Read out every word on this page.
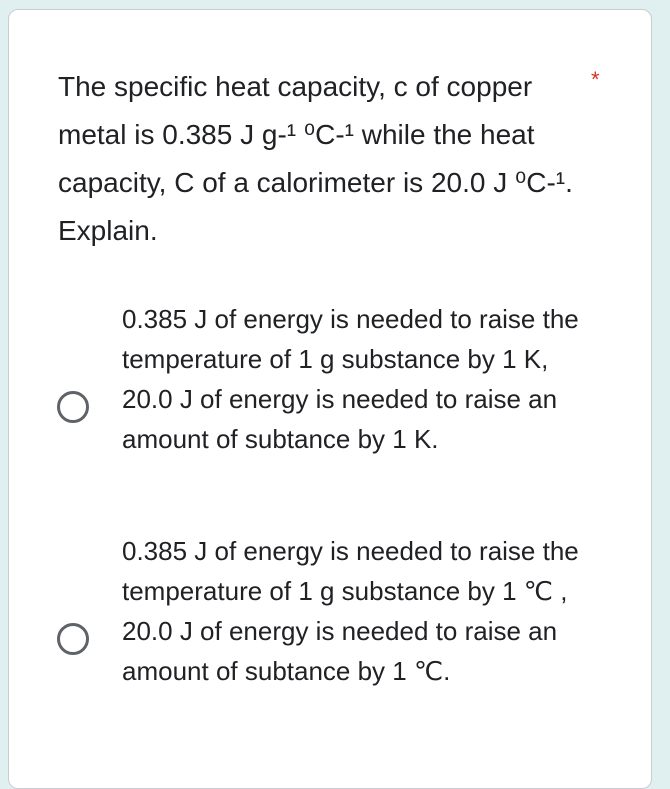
The specific heat capacity, c of copper metal is 0.385 J g-¹ ⁰C-¹ while the heat capacity, C of a calorimeter is 20.0 J ⁰C-¹. Explain.
*
0.385 J of energy is needed to raise the temperature of 1 g substance by 1 K, 20.0 J of energy is needed to raise an amount of subtance by 1 K.
0.385 J of energy is needed to raise the temperature of 1 g substance by 1 ℃ , 20.0 J of energy is needed to raise an amount of subtance by 1 ℃.
